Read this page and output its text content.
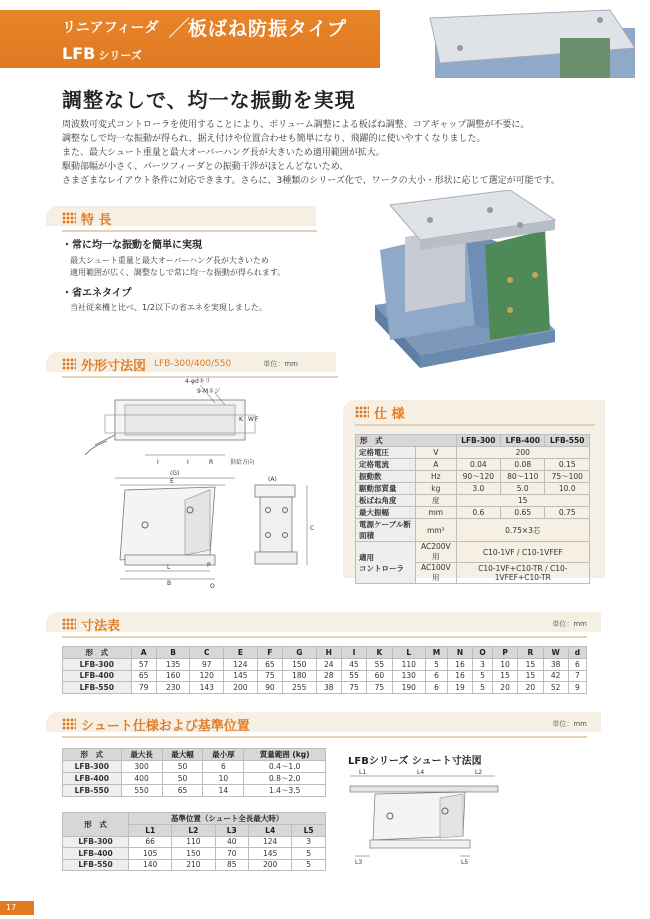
リニアフィーダ ／
板ばね防振タイプ
LFB シリーズ
調整なしで、均一な振動を実現
周波数可変式コントローラを使用することにより、ボリューム調整による板ばね調整、コアギャップ調整が不要に。
調整なしで均一な振動が得られ、据え付けや位置合わせも簡単になり、飛躍的に使いやすくなりました。
また、最大シュート重量と最大オーバーハング長が大きいため適用範囲が拡大。
駆動部幅が小さく、パーツフィーダとの振動干渉がほとんどないため、
さまざまなレイアウト条件に対応できます。さらに、3種類のシリーズ化で、ワークの大小・形状に応じて選定が可能です。
特 長
・常に均一な振動を簡単に実現
最大シュート重量と最大オーバーハング長が大きいため
適用範囲が広く、調整なしで常に均一な振動が得られます。
・省エネタイプ
当社従来機と比べ、1/2以下の省エネを実現しました。
外形寸法図 LFB-300/400/550	単位：mm
4-φdキリ
9-Mネジ
K W F
I	I	R	供給方向
(G)
E
L
B
P
O
(A)
C
仕 様
形　式		LFB-300	LFB-400	LFB-550
定格電圧	V	200		
定格電流	A	0.04	0.08	0.15
振動数	Hz	90～120	80～110	75～100
駆動部質量	kg	3.0	5.0	10.0
板ばね角度	度	15		
最大振幅	mm	0.6	0.65	0.75
電源ケーブル断面積	mm²	0.75×3芯		

適用
コントローラ	AC200V用	C10-1VF / C10-1VFEF		
	AC100V用	C10-1VF+C10-TR / C10-1VFEF+C10-TR		
寸法表	単位：mm
形　式	A	B	C	E	F	G	H	I	K	L	M	N	O	P	R	W	d
LFB-300	57	135	97	124	65	150	24	45	55	110	5	16	3	10	15	38	6
LFB-400	65	160	120	145	75	180	28	55	60	130	6	16	5	15	15	42	7
LFB-550	79	230	143	200	90	255	38	75	75	190	6	19	5	20	20	52	9
シュート仕様および基準位置	単位：mm
形　式	最大長	最大幅	最小厚	質量範囲 (kg)
LFB-300	300	50	6	0.4～1.0
LFB-400	400	50	10	0.8～2.0
LFB-550	550	65	14	1.4～3.5
形　式	基準位置（シュート全長最大時）				
	L1	L2	L3	L4	L5
LFB-300	66	110	40	124	3
LFB-400	105	150	70	145	5
LFB-550	140	210	85	200	5
LFBシリーズ シュート寸法図
L1	L4	L2
L3	L5
17
